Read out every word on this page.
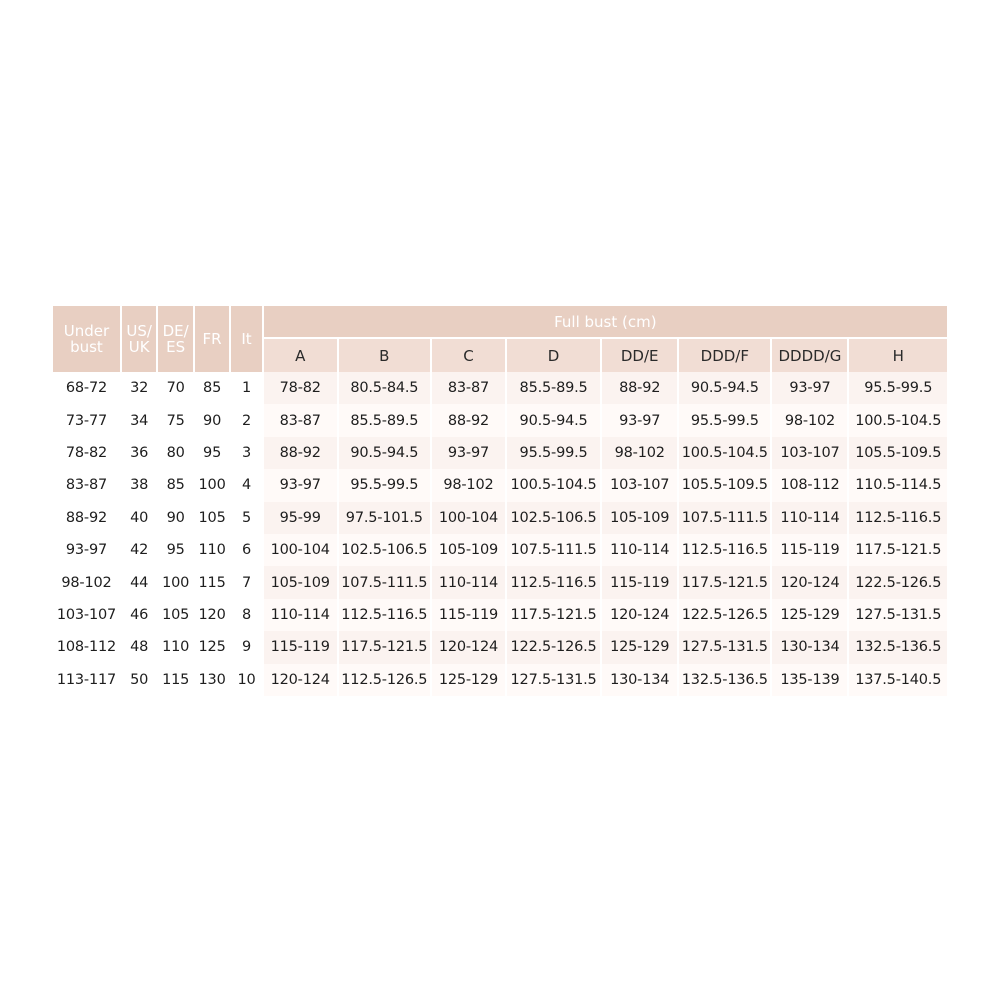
Under bust	US/ UK	DE/ ES	FR	It	Full bust (cm)							
					A	B	C	D	DD/E	DDD/F	DDDD/G	H
68-72	32	70	85	1	78-82	80.5-84.5	83-87	85.5-89.5	88-92	90.5-94.5	93-97	95.5-99.5
73-77	34	75	90	2	83-87	85.5-89.5	88-92	90.5-94.5	93-97	95.5-99.5	98-102	100.5-104.5
78-82	36	80	95	3	88-92	90.5-94.5	93-97	95.5-99.5	98-102	100.5-104.5	103-107	105.5-109.5
83-87	38	85	100	4	93-97	95.5-99.5	98-102	100.5-104.5	103-107	105.5-109.5	108-112	110.5-114.5
88-92	40	90	105	5	95-99	97.5-101.5	100-104	102.5-106.5	105-109	107.5-111.5	110-114	112.5-116.5
93-97	42	95	110	6	100-104	102.5-106.5	105-109	107.5-111.5	110-114	112.5-116.5	115-119	117.5-121.5
98-102	44	100	115	7	105-109	107.5-111.5	110-114	112.5-116.5	115-119	117.5-121.5	120-124	122.5-126.5
103-107	46	105	120	8	110-114	112.5-116.5	115-119	117.5-121.5	120-124	122.5-126.5	125-129	127.5-131.5
108-112	48	110	125	9	115-119	117.5-121.5	120-124	122.5-126.5	125-129	127.5-131.5	130-134	132.5-136.5
113-117	50	115	130	10	120-124	112.5-126.5	125-129	127.5-131.5	130-134	132.5-136.5	135-139	137.5-140.5
